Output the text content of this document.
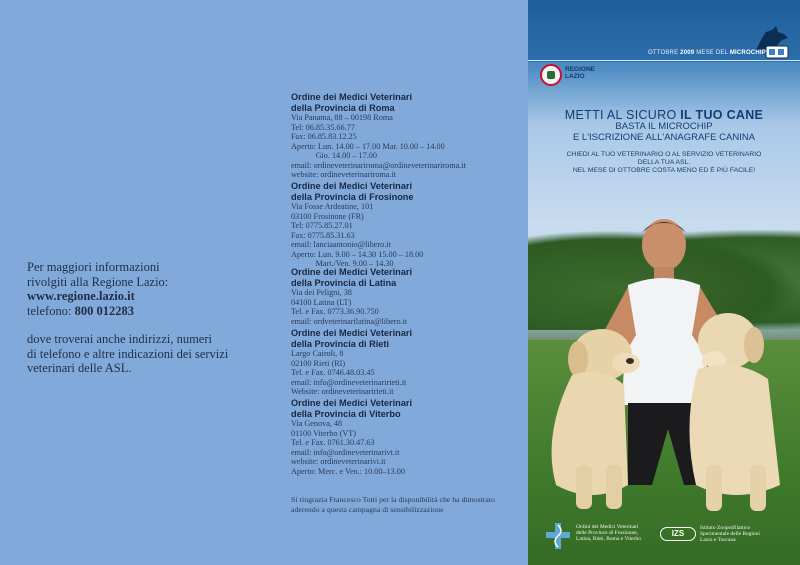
Per maggiori informazioni
rivolgiti alla Regione Lazio:
www.regione.lazio.it
telefono: 800 012283

dove troverai anche indirizzi, numeri
di telefono e altre indicazioni dei servizi
veterinari delle ASL.

Ordine dei Medici Veterinari
della Provincia di Roma
Via Panama, 88 – 00198 Roma
Tel: 06.85.35.66.77
Fax: 06.85.83.12.25
Aperto: Lun. 14.00 – 17.00 Mar. 10.00 – 14.00
Gio. 14.00 – 17.00
email: ordineveterinariroma@ordineveterinariroma.it
website: ordineveterinariroma.it
Ordine dei Medici Veterinari
della Provincia di Frosinone
Via Fosse Ardeatine, 101
03100 Frosinone (FR)
Tel: 0775.85.27.01
Fax: 0775.85.31.63
email: lanciaantonio@libero.it
Aperto: Lun. 9.00 – 14.30 15.00 – 18.00
Mart./Ven. 9.00 – 14.30
Ordine dei Medici Veterinari
della Provincia di Latina
Via dei Peligni, 38
04100 Latina (LT)
Tel. e Fax. 0773.36.90.750
email: ordveterinarilatina@libero.it
Ordine dei Medici Veterinari
della Provincia di Rieti
Largo Cairoli, 8
02100 Rieti (RI)
Tel. e Fax. 0746.48.03.45
email: info@ordineveterinaririeti.it
Website: ordineveterinaririeti.it
Ordine dei Medici Veterinari
della Provincia di Viterbo
Via Genova, 48
01100 Viterbo (VT)
Tel. e Fax. 0761.30.47.63
email: info@ordineveterinarivt.it
website: ordineveterinarivi.it
Aperto: Merc. e Ven.: 10.00–13.00
Si ringrazia Francesco Totti per la disponibilità che ha dimostrato
aderendo a questa campagna di sensibilizzazione
OTTOBRE 2009 MESE DEL MICROCHIP
REGIONE
LAZIO
METTI AL SICURO IL TUO CANE
BASTA IL MICROCHIP
E L'ISCRIZIONE ALL'ANAGRAFE CANINA
CHIEDI AL TUO VETERINARIO O AL SERVIZIO VETERINARIO
DELLA TUA ASL.
NEL MESE DI OTTOBRE COSTA MENO ED È PIÙ FACILE!
Ordini dei Medici Veterinari
delle Province di Frosinone,
Latina, Rieti, Roma e Viterbo
IZS
Istituto Zooprofilattico
Sperimentale delle Regioni
Lazio e Toscana
